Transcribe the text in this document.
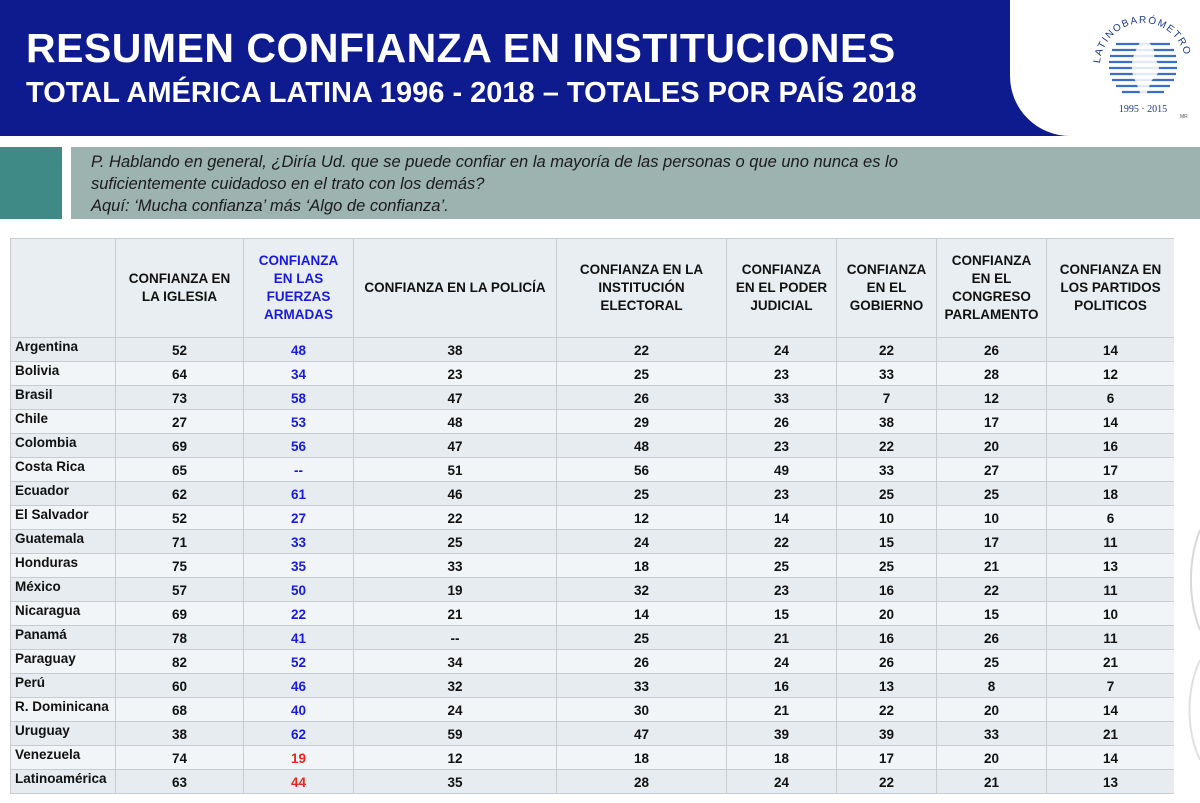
RESUMEN CONFIANZA EN INSTITUCIONES
TOTAL AMÉRICA LATINA 1996 - 2018 – TOTALES POR PAÍS 2018
LATINOBARÓMETRO
1995 · 2015
MR
P. Hablando en general, ¿Diría Ud. que se puede confiar en la mayoría de las personas o que uno nunca es lo
suficientemente cuidadoso en el trato con los demás?
Aquí: ‘Mucha confianza’ más ‘Algo de confianza’.
	CONFIANZA EN LA IGLESIA	CONFIANZA EN LAS FUERZAS ARMADAS	CONFIANZA EN LA POLICÍA	CONFIANZA EN LA INSTITUCIÓN ELECTORAL	CONFIANZA EN EL PODER JUDICIAL	CONFIANZA EN EL GOBIERNO	CONFIANZA EN EL CONGRESO PARLAMENTO	CONFIANZA EN LOS PARTIDOS POLITICOS
Argentina	52	48	38	22	24	22	26	14
Bolivia	64	34	23	25	23	33	28	12
Brasil	73	58	47	26	33	7	12	6
Chile	27	53	48	29	26	38	17	14
Colombia	69	56	47	48	23	22	20	16
Costa Rica	65	--	51	56	49	33	27	17
Ecuador	62	61	46	25	23	25	25	18
El Salvador	52	27	22	12	14	10	10	6
Guatemala	71	33	25	24	22	15	17	11
Honduras	75	35	33	18	25	25	21	13
México	57	50	19	32	23	16	22	11
Nicaragua	69	22	21	14	15	20	15	10
Panamá	78	41	--	25	21	16	26	11
Paraguay	82	52	34	26	24	26	25	21
Perú	60	46	32	33	16	13	8	7
R. Dominicana	68	40	24	30	21	22	20	14
Uruguay	38	62	59	47	39	39	33	21
Venezuela	74	19	12	18	18	17	20	14
Latinoamérica	63	44	35	28	24	22	21	13
